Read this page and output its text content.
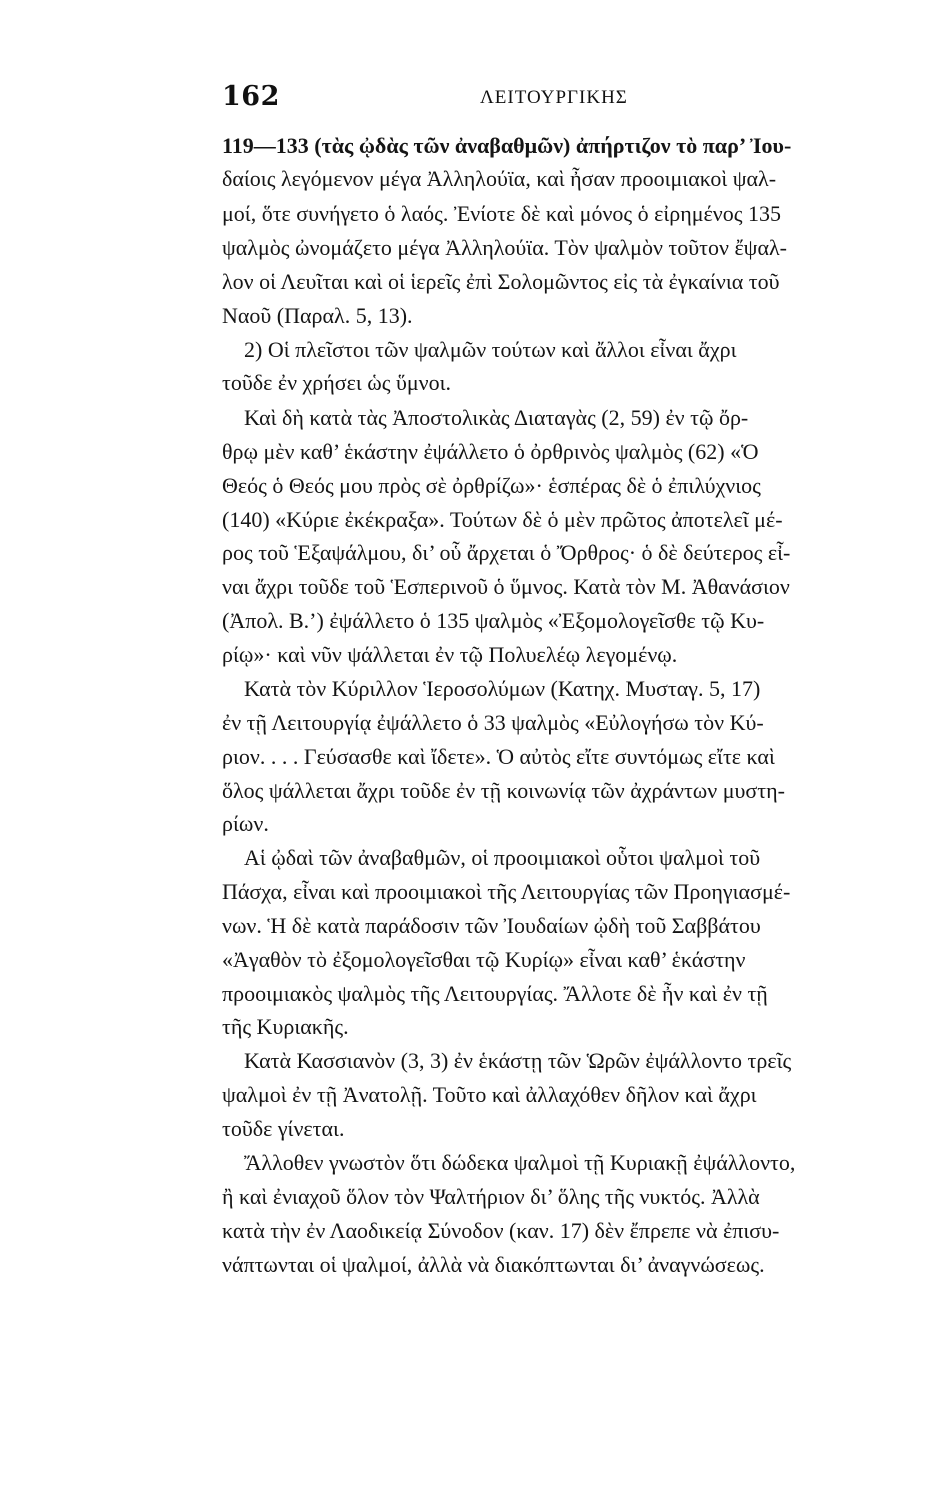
162	ΛΕΙΤΟΥΡΓΙΚΗΣ
119—133 (τὰς ᾠδὰς τῶν ἀναβαθμῶν) ἀπήρτιζον τὸ παρ’ Ἰου-
δαίοις λεγόμενον μέγα Ἀλληλούϊα, καὶ ἦσαν προοιμιακοὶ ψαλ-
μοί, ὅτε συνήγετο ὁ λαός. Ἐνίοτε δὲ καὶ μόνος ὁ εἰρημένος 135
ψαλμὸς ὠνομάζετο μέγα Ἀλληλούϊα. Τὸν ψαλμὸν τοῦτον ἔψαλ-
λον οἱ Λευῖται καὶ οἱ ἱερεῖς ἐπὶ Σολομῶντος εἰς τὰ ἐγκαίνια τοῦ
Ναοῦ (Παραλ. 5, 13).
2) Οἱ πλεῖστοι τῶν ψαλμῶν τούτων καὶ ἄλλοι εἶναι ἄχρι
τοῦδε ἐν χρήσει ὡς ὕμνοι.
Καὶ δὴ κατὰ τὰς Ἀποστολικὰς Διαταγὰς (2, 59) ἐν τῷ ὄρ-
θρῳ μὲν καθ’ ἑκάστην ἐψάλλετο ὁ ὀρθρινὸς ψαλμὸς (62) «Ὁ
Θεός ὁ Θεός μου πρὸς σὲ ὀρθρίζω»· ἑσπέρας δὲ ὁ ἐπιλύχνιος
(140) «Κύριε ἐκέκραξα». Τούτων δὲ ὁ μὲν πρῶτος ἀποτελεῖ μέ-
ρος τοῦ Ἑξαψάλμου, δι’ οὗ ἄρχεται ὁ Ὄρθρος· ὁ δὲ δεύτερος εἶ-
ναι ἄχρι τοῦδε τοῦ Ἑσπερινοῦ ὁ ὕμνος. Κατὰ τὸν Μ. Ἀθανάσιον
(Ἀπολ. Β.’) ἐψάλλετο ὁ 135 ψαλμὸς «Ἐξομολογεῖσθε τῷ Κυ-
ρίῳ»· καὶ νῦν ψάλλεται ἐν τῷ Πολυελέῳ λεγομένῳ.
Κατὰ τὸν Κύριλλον Ἱεροσολύμων (Κατηχ. Μυσταγ. 5, 17)
ἐν τῇ Λειτουργίᾳ ἐψάλλετο ὁ 33 ψαλμὸς «Εὐλογήσω τὸν Κύ-
ριον. . . . Γεύσασθε καὶ ἴδετε». Ὁ αὐτὸς εἴτε συντόμως εἴτε καὶ
ὅλος ψάλλεται ἄχρι τοῦδε ἐν τῇ κοινωνίᾳ τῶν ἀχράντων μυστη-
ρίων.
Αἱ ᾠδαὶ τῶν ἀναβαθμῶν, οἱ προοιμιακοὶ οὗτοι ψαλμοὶ τοῦ
Πάσχα, εἶναι καὶ προοιμιακοὶ τῆς Λειτουργίας τῶν Προηγιασμέ-
νων. Ἡ δὲ κατὰ παράδοσιν τῶν Ἰουδαίων ᾠδὴ τοῦ Σαββάτου
«Ἀγαθὸν τὸ ἐξομολογεῖσθαι τῷ Κυρίῳ» εἶναι καθ’ ἑκάστην
προοιμιακὸς ψαλμὸς τῆς Λειτουργίας. Ἄλλοτε δὲ ἦν καὶ ἐν τῇ
τῆς Κυριακῆς.
Κατὰ Κασσιανὸν (3, 3) ἐν ἑκάστῃ τῶν Ὡρῶν ἐψάλλοντο τρεῖς
ψαλμοὶ ἐν τῇ Ἀνατολῇ. Τοῦτο καὶ ἀλλαχόθεν δῆλον καὶ ἄχρι
τοῦδε γίνεται.
Ἄλλοθεν γνωστὸν ὅτι δώδεκα ψαλμοὶ τῇ Κυριακῇ ἐψάλλοντο,
ἢ καὶ ἐνιαχοῦ ὅλον τὸν Ψαλτήριον δι’ ὅλης τῆς νυκτός. Ἀλλὰ
κατὰ τὴν ἐν Λαοδικείᾳ Σύνοδον (καν. 17) δὲν ἔπρεπε νὰ ἐπισυ-
νάπτωνται οἱ ψαλμοί, ἀλλὰ νὰ διακόπτωνται δι’ ἀναγνώσεως.
